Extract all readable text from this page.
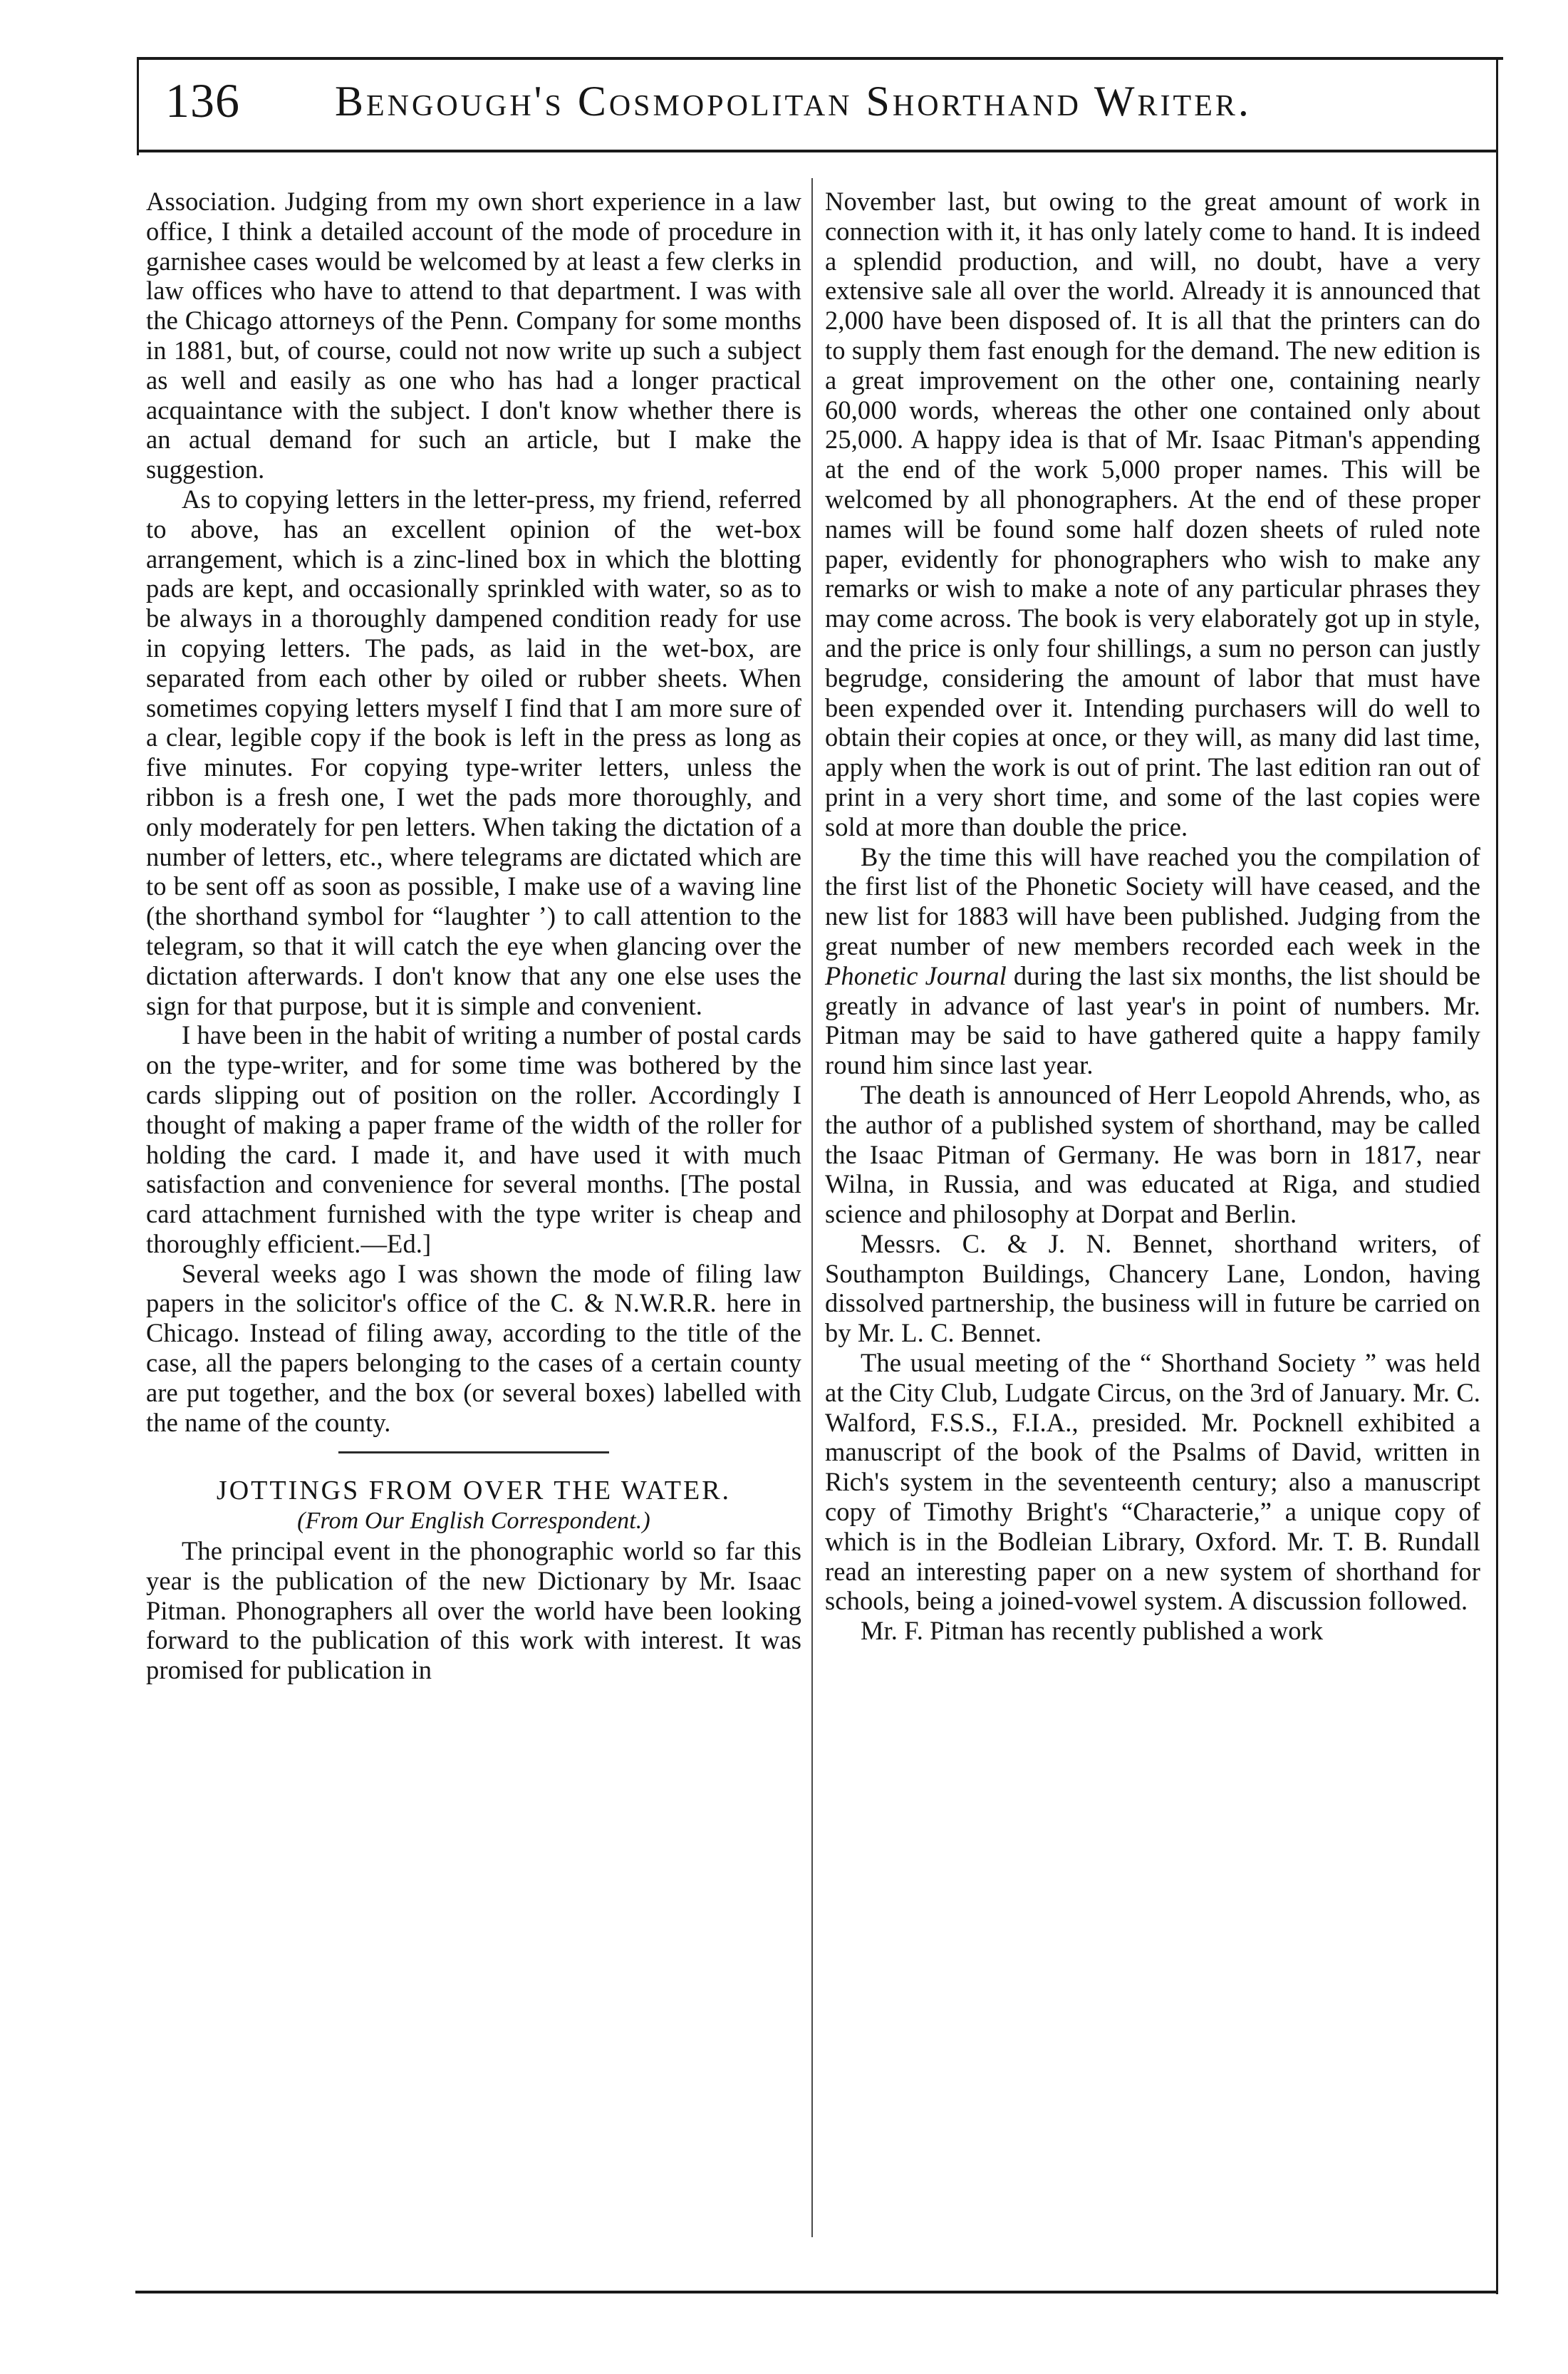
136 Bengough's Cosmopolitan Shorthand Writer.

Association. Judging from my own short experience in a law office, I think a detailed account of the mode of procedure in garnishee cases would be welcomed by at least a few clerks in law offices who have to attend to that department. I was with the Chicago attorneys of the Penn. Company for some months in 1881, but, of course, could not now write up such a subject as well and easily as one who has had a longer practical acquaintance with the subject. I don't know whether there is an actual demand for such an article, but I make the suggestion.

As to copying letters in the letter-press, my friend, referred to above, has an excellent opinion of the wet-box arrangement, which is a zinc-lined box in which the blotting pads are kept, and occasionally sprinkled with water, so as to be always in a thoroughly dampened condition ready for use in copying letters. The pads, as laid in the wet-box, are separated from each other by oiled or rubber sheets. When sometimes copying letters myself I find that I am more sure of a clear, legible copy if the book is left in the press as long as five minutes. For copying type-writer letters, unless the ribbon is a fresh one, I wet the pads more thoroughly, and only moderately for pen letters. When taking the dictation of a number of letters, etc., where telegrams are dictated which are to be sent off as soon as possible, I make use of a waving line (the shorthand symbol for “laughter ’) to call attention to the telegram, so that it will catch the eye when glancing over the dictation afterwards. I don't know that any one else uses the sign for that purpose, but it is simple and convenient.

I have been in the habit of writing a number of postal cards on the type-writer, and for some time was bothered by the cards slipping out of position on the roller. Accordingly I thought of making a paper frame of the width of the roller for holding the card. I made it, and have used it with much satisfaction and convenience for several months. [The postal card attachment furnished with the type writer is cheap and thoroughly efficient.—Ed.]

Several weeks ago I was shown the mode of filing law papers in the solicitor's office of the C. & N.W.R.R. here in Chicago. Instead of filing away, according to the title of the case, all the papers belonging to the cases of a certain county are put together, and the box (or several boxes) labelled with the name of the county.

JOTTINGS FROM OVER THE WATER.

(From Our English Correspondent.)

The principal event in the phonographic world so far this year is the publication of the new Dictionary by Mr. Isaac Pitman. Phonographers all over the world have been looking forward to the publication of this work with interest. It was promised for publication in

November last, but owing to the great amount of work in connection with it, it has only lately come to hand. It is indeed a splendid production, and will, no doubt, have a very extensive sale all over the world. Already it is announced that 2,000 have been disposed of. It is all that the printers can do to supply them fast enough for the demand. The new edition is a great improvement on the other one, containing nearly 60,000 words, whereas the other one contained only about 25,000. A happy idea is that of Mr. Isaac Pitman's appending at the end of the work 5,000 proper names. This will be welcomed by all phonographers. At the end of these proper names will be found some half dozen sheets of ruled note paper, evidently for phonographers who wish to make any remarks or wish to make a note of any particular phrases they may come across. The book is very elaborately got up in style, and the price is only four shillings, a sum no person can justly begrudge, considering the amount of labor that must have been expended over it. Intending purchasers will do well to obtain their copies at once, or they will, as many did last time, apply when the work is out of print. The last edition ran out of print in a very short time, and some of the last copies were sold at more than double the price.

By the time this will have reached you the compilation of the first list of the Phonetic Society will have ceased, and the new list for 1883 will have been published. Judging from the great number of new members recorded each week in the Phonetic Journal during the last six months, the list should be greatly in advance of last year's in point of numbers. Mr. Pitman may be said to have gathered quite a happy family round him since last year.

The death is announced of Herr Leopold Ahrends, who, as the author of a published system of shorthand, may be called the Isaac Pitman of Germany. He was born in 1817, near Wilna, in Russia, and was educated at Riga, and studied science and philosophy at Dorpat and Berlin.

Messrs. C. & J. N. Bennet, shorthand writers, of Southampton Buildings, Chancery Lane, London, having dissolved partnership, the business will in future be carried on by Mr. L. C. Bennet.

The usual meeting of the “ Shorthand Society ” was held at the City Club, Ludgate Circus, on the 3rd of January. Mr. C. Walford, F.S.S., F.I.A., presided. Mr. Pocknell exhibited a manuscript of the book of the Psalms of David, written in Rich's system in the seventeenth century; also a manuscript copy of Timothy Bright's “Characterie,” a unique copy of which is in the Bodleian Library, Oxford. Mr. T. B. Rundall read an interesting paper on a new system of shorthand for schools, being a joined-vowel system. A discussion followed.

Mr. F. Pitman has recently published a work
